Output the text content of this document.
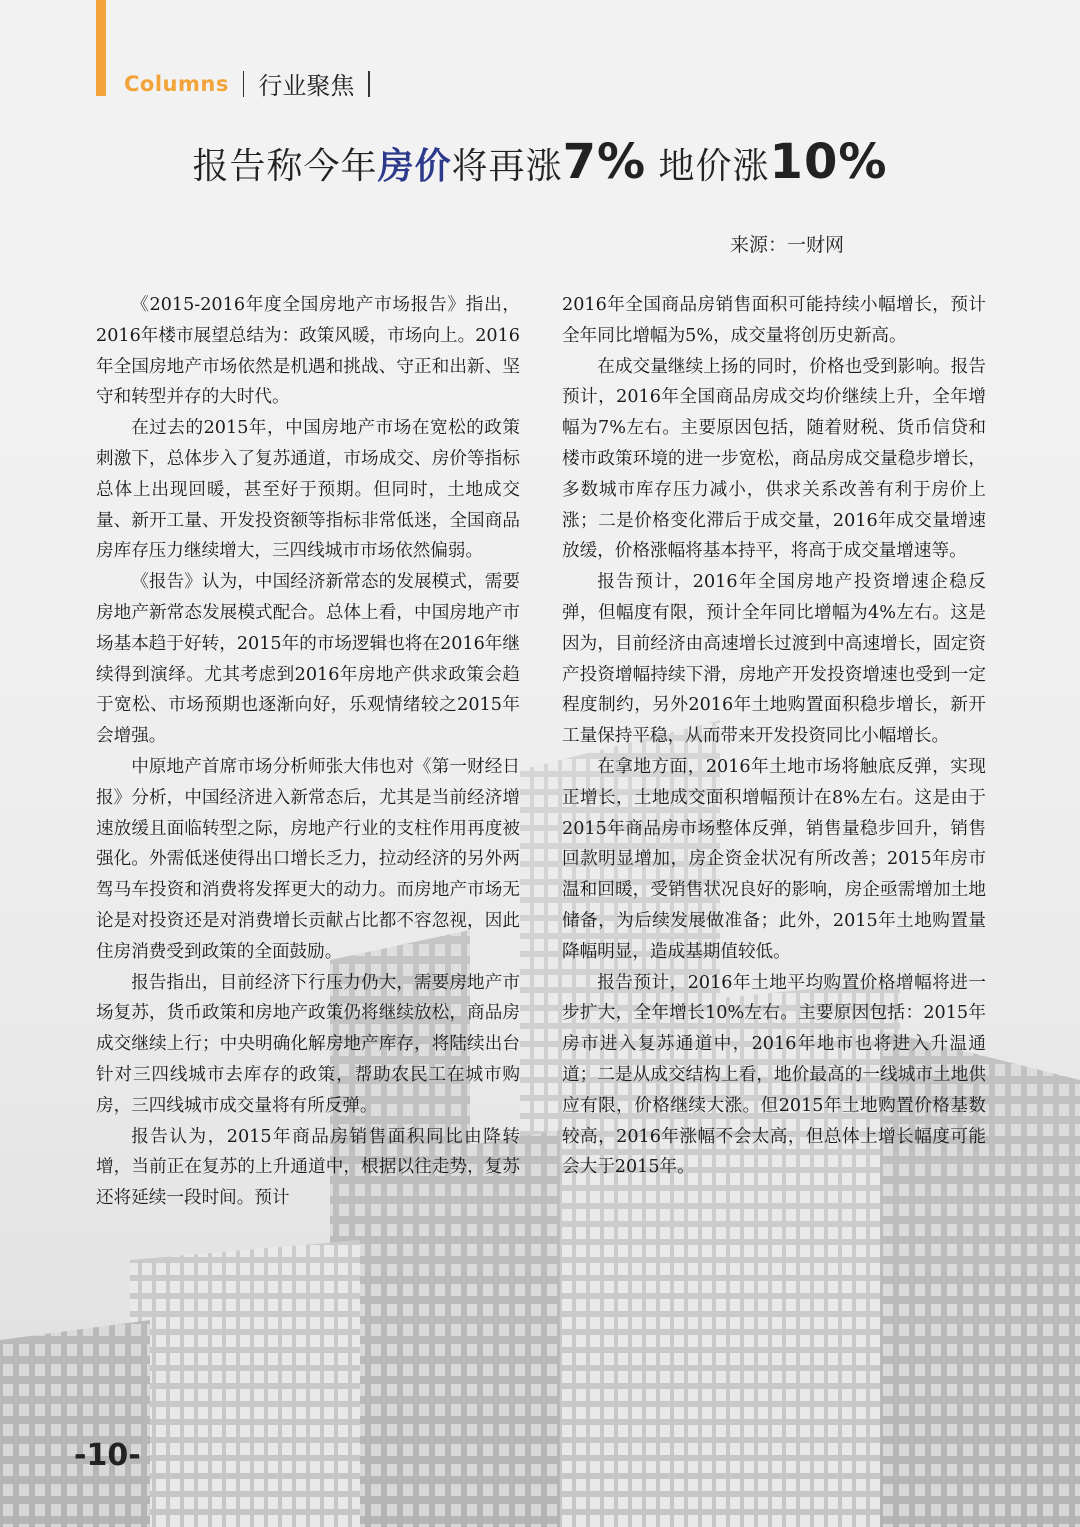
Columns 行业聚焦
报告称今年房价将再涨7% 地价涨10%
来源：一财网

《2015-2016年度全国房地产市场报告》指出，2016年楼市展望总结为：政策风暖，市场向上。2016年全国房地产市场依然是机遇和挑战、守正和出新、坚守和转型并存的大时代。

在过去的2015年，中国房地产市场在宽松的政策刺激下，总体步入了复苏通道，市场成交、房价等指标总体上出现回暖，甚至好于预期。但同时，土地成交量、新开工量、开发投资额等指标非常低迷，全国商品房库存压力继续增大，三四线城市市场依然偏弱。

《报告》认为，中国经济新常态的发展模式，需要房地产新常态发展模式配合。总体上看，中国房地产市场基本趋于好转，2015年的市场逻辑也将在2016年继续得到演绎。尤其考虑到2016年房地产供求政策会趋于宽松、市场预期也逐渐向好，乐观情绪较之2015年会增强。

中原地产首席市场分析师张大伟也对《第一财经日报》分析，中国经济进入新常态后，尤其是当前经济增速放缓且面临转型之际，房地产行业的支柱作用再度被强化。外需低迷使得出口增长乏力，拉动经济的另外两驾马车投资和消费将发挥更大的动力。而房地产市场无论是对投资还是对消费增长贡献占比都不容忽视，因此住房消费受到政策的全面鼓励。

报告指出，目前经济下行压力仍大，需要房地产市场复苏，货币政策和房地产政策仍将继续放松，商品房成交继续上行；中央明确化解房地产库存，将陆续出台针对三四线城市去库存的政策，帮助农民工在城市购房，三四线城市成交量将有所反弹。

报告认为，2015年商品房销售面积同比由降转增，当前正在复苏的上升通道中，根据以往走势，复苏还将延续一段时间。预计

2016年全国商品房销售面积可能持续小幅增长，预计全年同比增幅为5%，成交量将创历史新高。

在成交量继续上扬的同时，价格也受到影响。报告预计，2016年全国商品房成交均价继续上升，全年增幅为7%左右。主要原因包括，随着财税、货币信贷和楼市政策环境的进一步宽松，商品房成交量稳步增长，多数城市库存压力减小，供求关系改善有利于房价上涨；二是价格变化滞后于成交量，2016年成交量增速放缓，价格涨幅将基本持平，将高于成交量增速等。

报告预计，2016年全国房地产投资增速企稳反弹，但幅度有限，预计全年同比增幅为4%左右。这是因为，目前经济由高速增长过渡到中高速增长，固定资产投资增幅持续下滑，房地产开发投资增速也受到一定程度制约，另外2016年土地购置面积稳步增长，新开工量保持平稳，从而带来开发投资同比小幅增长。

在拿地方面，2016年土地市场将触底反弹，实现正增长，土地成交面积增幅预计在8%左右。这是由于2015年商品房市场整体反弹，销售量稳步回升，销售回款明显增加，房企资金状况有所改善；2015年房市温和回暖，受销售状况良好的影响，房企亟需增加土地储备，为后续发展做准备；此外，2015年土地购置量降幅明显，造成基期值较低。

报告预计，2016年土地平均购置价格增幅将进一步扩大，全年增长10%左右。主要原因包括：2015年房市进入复苏通道中，2016年地市也将进入升温通道；二是从成交结构上看，地价最高的一线城市土地供应有限，价格继续大涨。但2015年土地购置价格基数较高，2016年涨幅不会太高，但总体上增长幅度可能会大于2015年。

-10-
